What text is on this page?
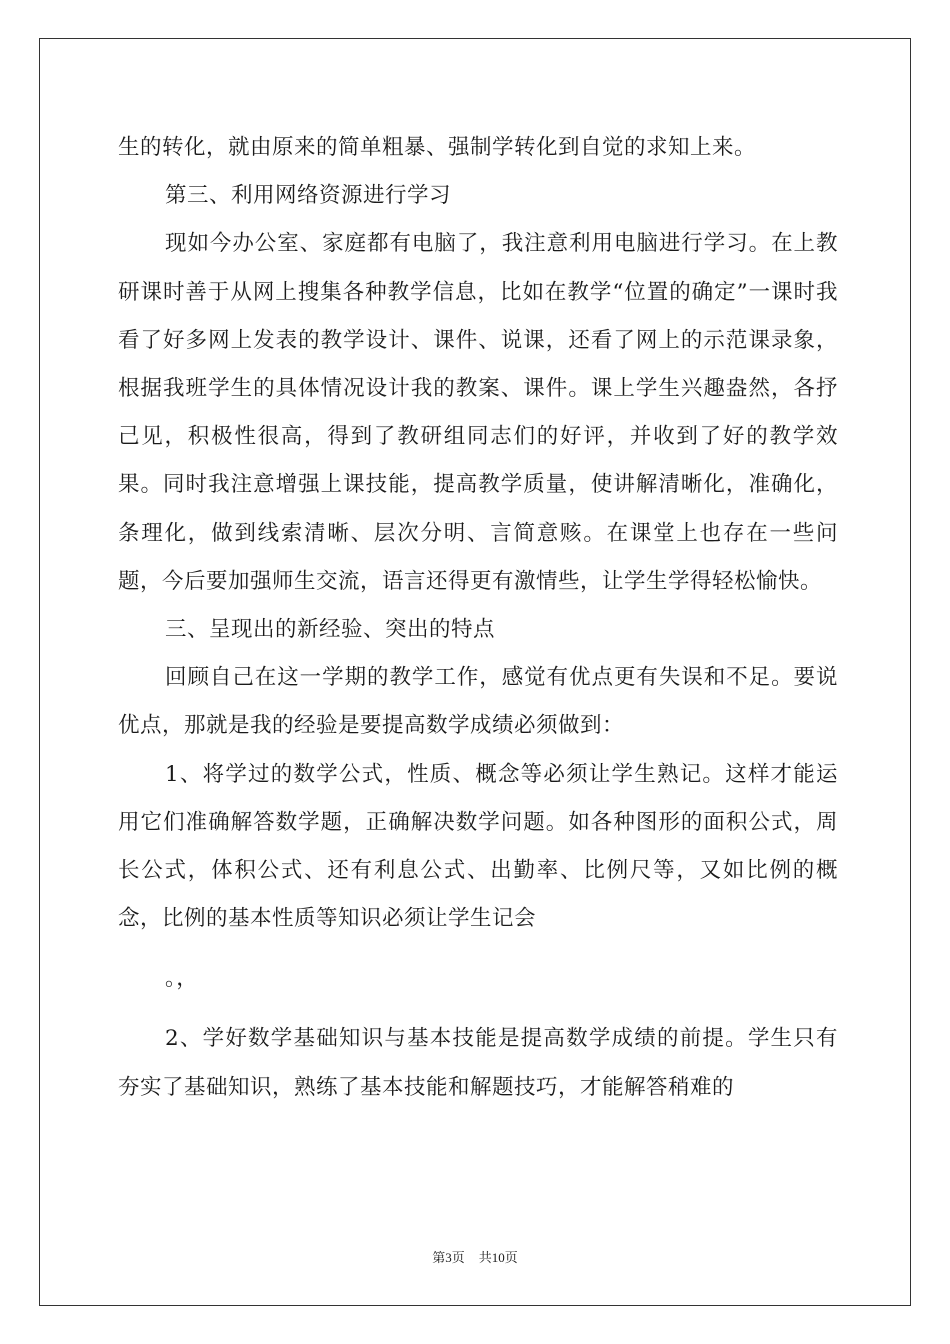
生的转化，就由原来的简单粗暴、强制学转化到自觉的求知上来。

第三、利用网络资源进行学习

现如今办公室、家庭都有电脑了，我注意利用电脑进行学习。在上教研课时善于从网上搜集各种教学信息，比如在教学“位置的确定”一课时我看了好多网上发表的教学设计、课件、说课，还看了网上的示范课录象，根据我班学生的具体情况设计我的教案、课件。课上学生兴趣盎然，各抒己见，积极性很高，得到了教研组同志们的好评，并收到了好的教学效果。同时我注意增强上课技能，提高教学质量，使讲解清晰化，准确化，条理化，做到线索清晰、层次分明、言简意赅。在课堂上也存在一些问题，今后要加强师生交流，语言还得更有激情些，让学生学得轻松愉快。

三、呈现出的新经验、突出的特点

回顾自己在这一学期的教学工作，感觉有优点更有失误和不足。要说优点，那就是我的经验是要提高数学成绩必须做到：

1、将学过的数学公式，性质、概念等必须让学生熟记。这样才能运用它们准确解答数学题，正确解决数学问题。如各种图形的面积公式，周长公式，体积公式、还有利息公式、出勤率、比例尺等，又如比例的概念，比例的基本性质等知识必须让学生记会

。，

2、学好数学基础知识与基本技能是提高数学成绩的前提。学生只有夯实了基础知识，熟练了基本技能和解题技巧，才能解答稍难的

第3页 共10页
